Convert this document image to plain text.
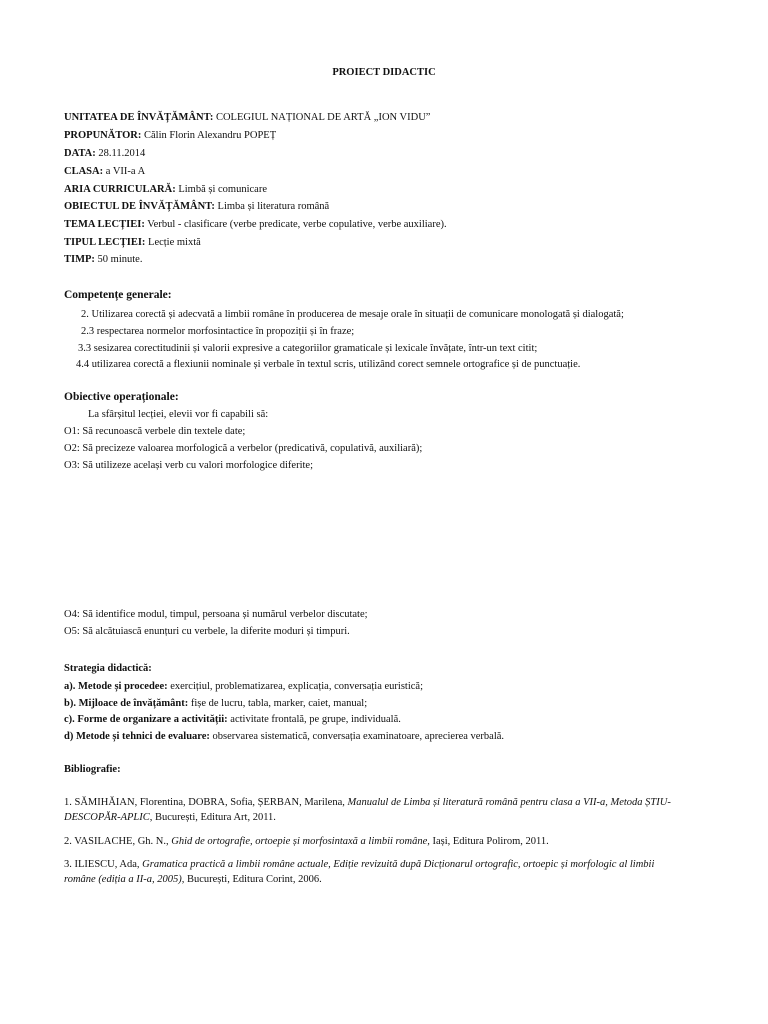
PROIECT DIDACTIC
UNITATEA DE ÎNVĂȚĂMÂNT: COLEGIUL NAȚIONAL DE ARTĂ „ION VIDU”
PROPUNĂTOR: Călin Florin Alexandru POPEȚ
DATA: 28.11.2014
CLASA: a VII-a A
ARIA CURRICULARĂ: Limbă și comunicare
OBIECTUL DE ÎNVĂȚĂMÂNT: Limba și literatura română
TEMA LECȚIEI: Verbul - clasificare (verbe predicate, verbe copulative, verbe auxiliare).
TIPUL LECȚIEI: Lecție mixtă
TIMP: 50 minute.
Competențe generale:
2. Utilizarea corectă și adecvată a limbii române în producerea de mesaje orale în situații de comunicare monologată și dialogată;
2.3 respectarea normelor morfosintactice în propoziții și în fraze;
3.3 sesizarea corectitudinii și valorii expresive a categoriilor gramaticale și lexicale învățate, într-un text citit;
4.4 utilizarea corectă a flexiunii nominale și verbale în textul scris, utilizând corect semnele ortografice și de punctuație.
Obiective operaționale:
La sfârșitul lecției, elevii vor fi capabili să:
O1: Să recunoască verbele din textele date;
O2: Să precizeze valoarea morfologică a verbelor (predicativă, copulativă, auxiliară);
O3: Să utilizeze același verb cu valori morfologice diferite;
O4: Să identifice modul, timpul, persoana și numărul verbelor discutate;
O5: Să alcătuiască enunțuri cu verbele, la diferite moduri și timpuri.
Strategia didactică:
a). Metode și procedee: exercițiul, problematizarea, explicația, conversația euristică;
b). Mijloace de învățământ: fișe de lucru, tabla, marker, caiet, manual;
c). Forme de organizare a activității: activitate frontală, pe grupe, individuală.
d) Metode și tehnici de evaluare: observarea sistematică, conversația examinatoare, aprecierea verbală.
Bibliografie:
1. SĂMIHĂIAN, Florentina, DOBRA, Sofia, ȘERBAN, Marilena, Manualul de Limba și literatură română pentru clasa a VII-a, Metoda ȘTIU-
DESCOPĂR-APLIC, București, Editura Art, 2011.
2. VASILACHE, Gh. N., Ghid de ortografie, ortoepie și morfosintaxă a limbii române, Iași, Editura Polirom, 2011.
3. ILIESCU, Ada, Gramatica practică a limbii române actuale, Ediție revizuită după Dicționarul ortografic, ortoepic și morfologic al limbii
române (ediția a II-a, 2005), București, Editura Corint, 2006.
